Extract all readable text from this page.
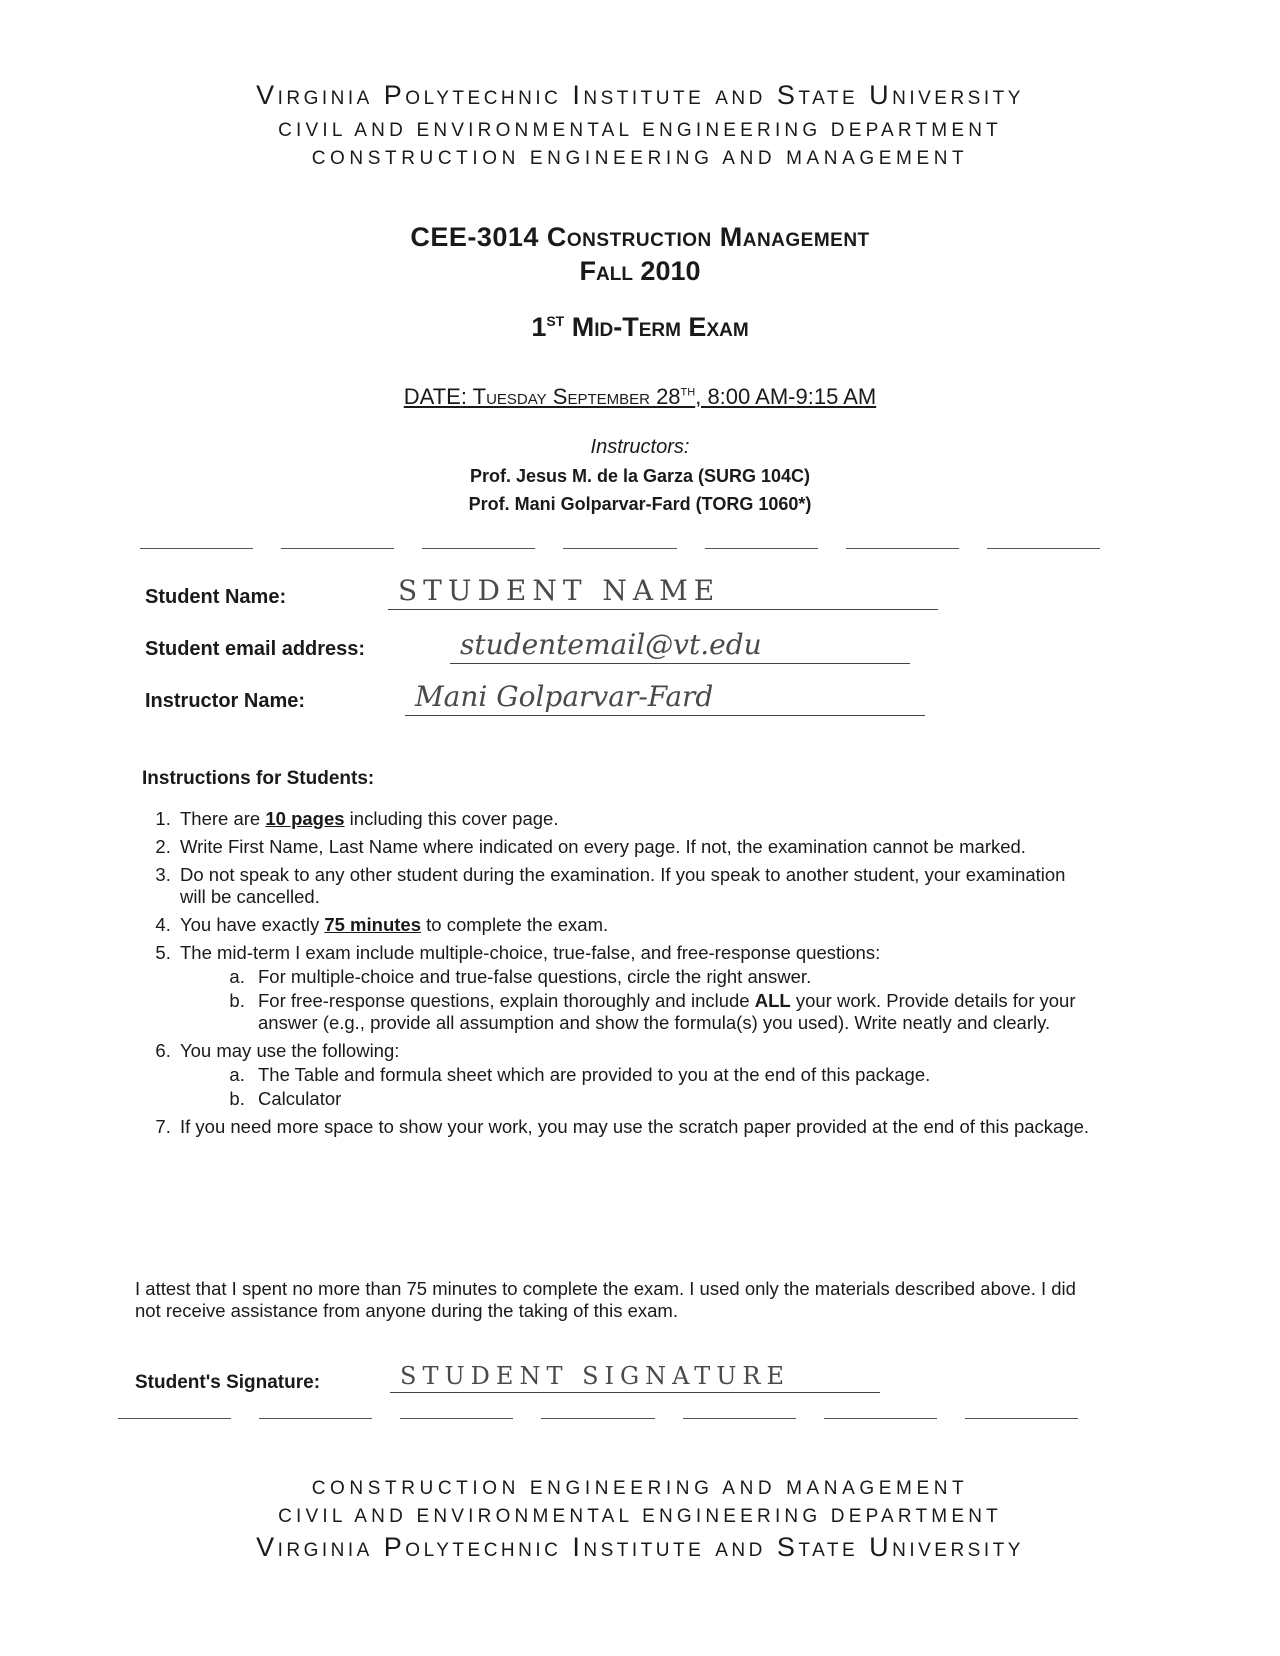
Virginia Polytechnic Institute and State University
CIVIL AND ENVIRONMENTAL ENGINEERING DEPARTMENT
CONSTRUCTION ENGINEERING AND MANAGEMENT
CEE-3014 Construction Management
Fall 2010
1ST Mid-Term Exam
DATE: Tuesday September 28TH, 8:00 AM-9:15 AM
Instructors:
Prof. Jesus M. de la Garza (SURG 104C)
Prof. Mani Golparvar-Fard (TORG 1060*)
Student Name:	STUDENT NAME
Student email address:	studentemail@vt.edu
Instructor Name:	Mani Golparvar-Fard
Instructions for Students:
1. There are 10 pages including this cover page.
2. Write First Name, Last Name where indicated on every page. If not, the examination cannot be marked.
3. Do not speak to any other student during the examination. If you speak to another student, your examination will be cancelled.
4. You have exactly 75 minutes to complete the exam.
5. The mid-term I exam include multiple-choice, true-false, and free-response questions:
a. For multiple-choice and true-false questions, circle the right answer.
b. For free-response questions, explain thoroughly and include ALL your work. Provide details for your answer (e.g., provide all assumption and show the formula(s) you used). Write neatly and clearly.
6. You may use the following:
a. The Table and formula sheet which are provided to you at the end of this package.
b. Calculator
7. If you need more space to show your work, you may use the scratch paper provided at the end of this package.
I attest that I spent no more than 75 minutes to complete the exam. I used only the materials described above. I did not receive assistance from anyone during the taking of this exam.
Student's Signature:	STUDENT SIGNATURE
CONSTRUCTION ENGINEERING AND MANAGEMENT
CIVIL AND ENVIRONMENTAL ENGINEERING DEPARTMENT
Virginia Polytechnic Institute and State University
